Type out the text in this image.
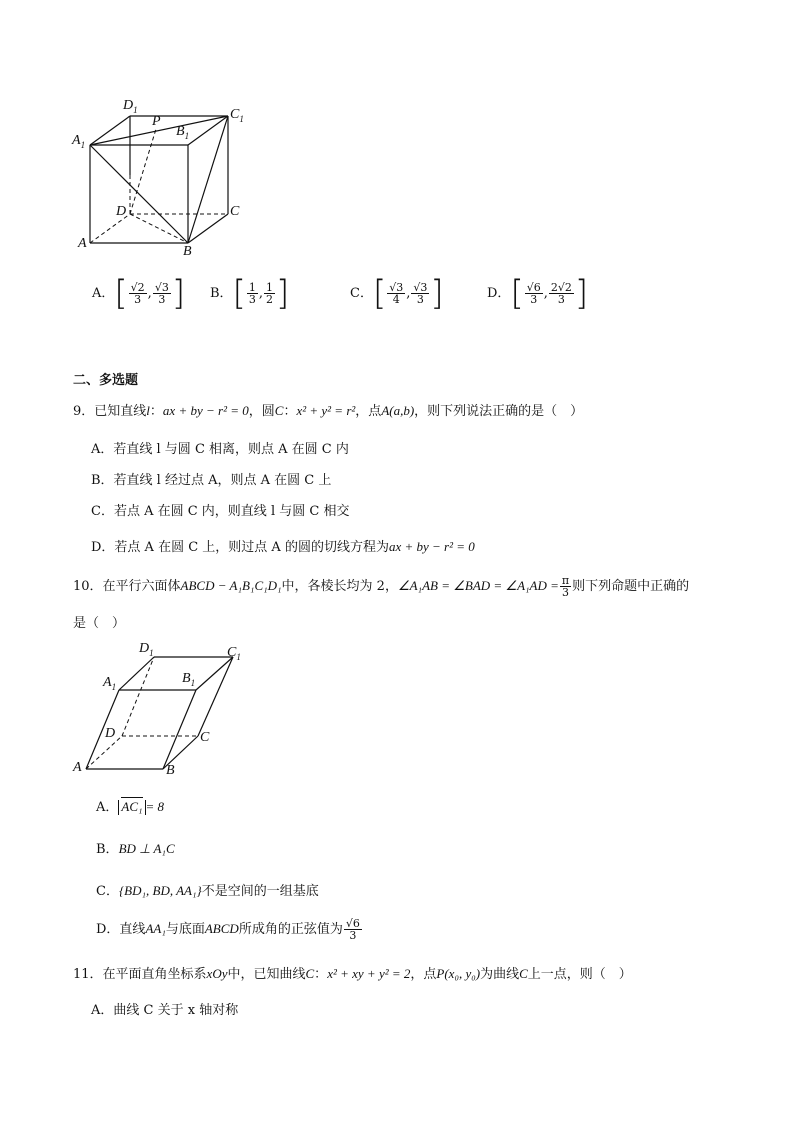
$D_1$	$C_1$
$A_1$
$B_1$
P
D	C
A
B
A．[ $\frac{√2}{3}$ , $\frac{√3}{3}$ ] B．[ $\frac{1}{3}$ , $\frac{1}{2}$ ]	C．[ $\frac{√3}{4}$ , $\frac{√3}{3}$ ]	D．[ $\frac{√6}{3}$ , $\frac{2√2}{3}$ ]
二、多选题
9．已知直线l：ax + by − r² = 0，圆C：x² + y² = r²，点A(a,b)，则下列说法正确的是（　）
A．若直线 l 与圆 C 相离，则点 A 在圆 C 内
B．若直线 l 经过点 A，则点 A 在圆 C 上
C．若点 A 在圆 C 内，则直线 l 与圆 C 相交
D．若点 A 在圆 C 上，则过点 A 的圆的切线方程为ax + by − r² = 0
10．在平行六面体ABCD − A₁B₁C₁D₁中，各棱长均为 2，∠A₁AB = ∠BAD = ∠A₁AD = $\frac{\pi}{3}$ 则下列命题中正确的
是（　）
$D_1$	$C_1$
$A_1$
$B_1$
D	C
A	B
A． AC₁ = 8
B．BD ⊥ A₁C
C．{BD₁, BD, AA₁}不是空间的一组基底
D．直线AA₁与底面ABCD所成角的正弦值为 $\frac{√6}{3}$
11．在平面直角坐标系xOy中，已知曲线C：x² + xy + y² = 2，点P(x₀, y₀)为曲线C上一点，则（　）
A．曲线 C 关于 x 轴对称
